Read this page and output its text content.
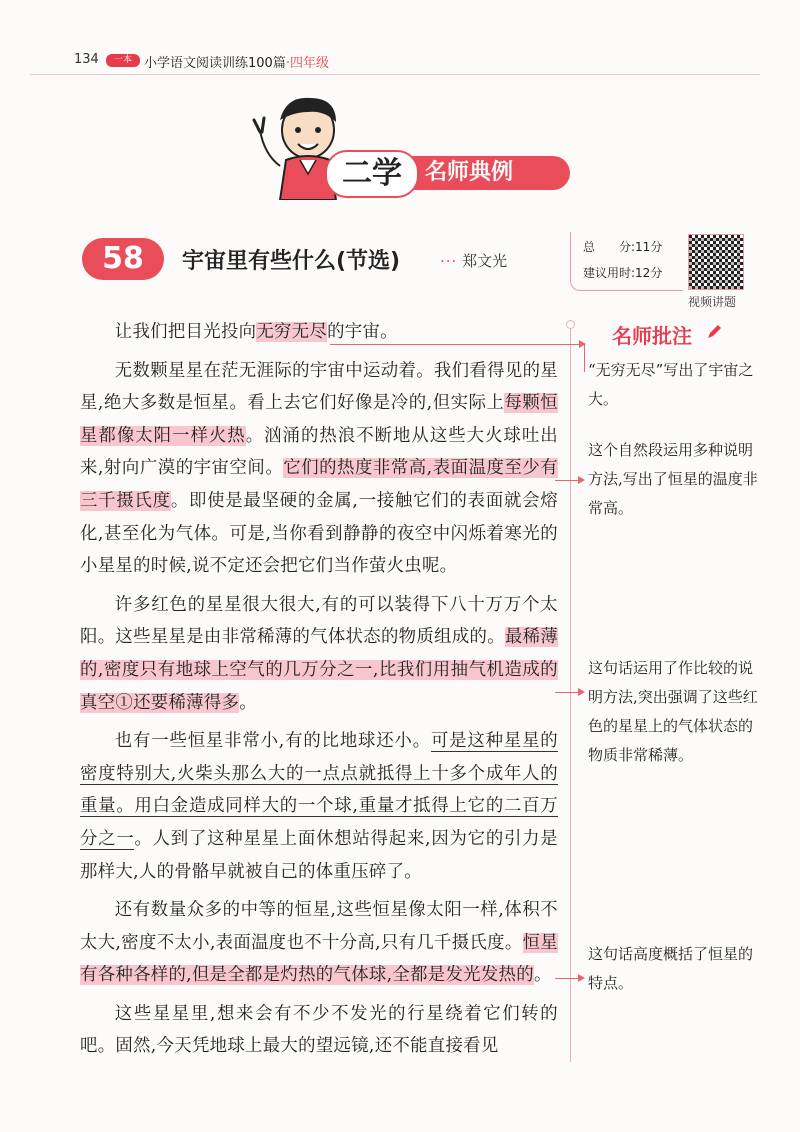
134	一本 小学语文阅读训练100篇·四年级
二学	名师典例
58	宇宙里有些什么(节选)	··· 郑文光
总　　分:11分
建议用时:12分
视频讲题
名师批注

让我们把目光投向无穷无尽的宇宙。

无数颗星星在茫无涯际的宇宙中运动着。我们看得见的星星,绝大多数是恒星。看上去它们好像是冷的,但实际上每颗恒星都像太阳一样火热。汹涌的热浪不断地从这些大火球吐出来,射向广漠的宇宙空间。它们的热度非常高,表面温度至少有三千摄氏度。即使是最坚硬的金属,一接触它们的表面就会熔化,甚至化为气体。可是,当你看到静静的夜空中闪烁着寒光的小星星的时候,说不定还会把它们当作萤火虫呢。

许多红色的星星很大很大,有的可以装得下八十万万个太阳。这些星星是由非常稀薄的气体状态的物质组成的。最稀薄的,密度只有地球上空气的几万分之一,比我们用抽气机造成的真空①还要稀薄得多。

也有一些恒星非常小,有的比地球还小。可是这种星星的密度特别大,火柴头那么大的一点点就抵得上十多个成年人的重量。用白金造成同样大的一个球,重量才抵得上它的二百万分之一。人到了这种星星上面休想站得起来,因为它的引力是那样大,人的骨骼早就被自己的体重压碎了。

还有数量众多的中等的恒星,这些恒星像太阳一样,体积不太大,密度不太小,表面温度也不十分高,只有几千摄氏度。恒星有各种各样的,但是全都是灼热的气体球,全都是发光发热的。

这些星星里,想来会有不少不发光的行星绕着它们转的吧。固然,今天凭地球上最大的望远镜,还不能直接看见

“无穷无尽”写出了宇宙之大。
这个自然段运用多种说明方法,写出了恒星的温度非常高。
这句话运用了作比较的说明方法,突出强调了这些红色的星星上的气体状态的物质非常稀薄。
这句话高度概括了恒星的特点。
